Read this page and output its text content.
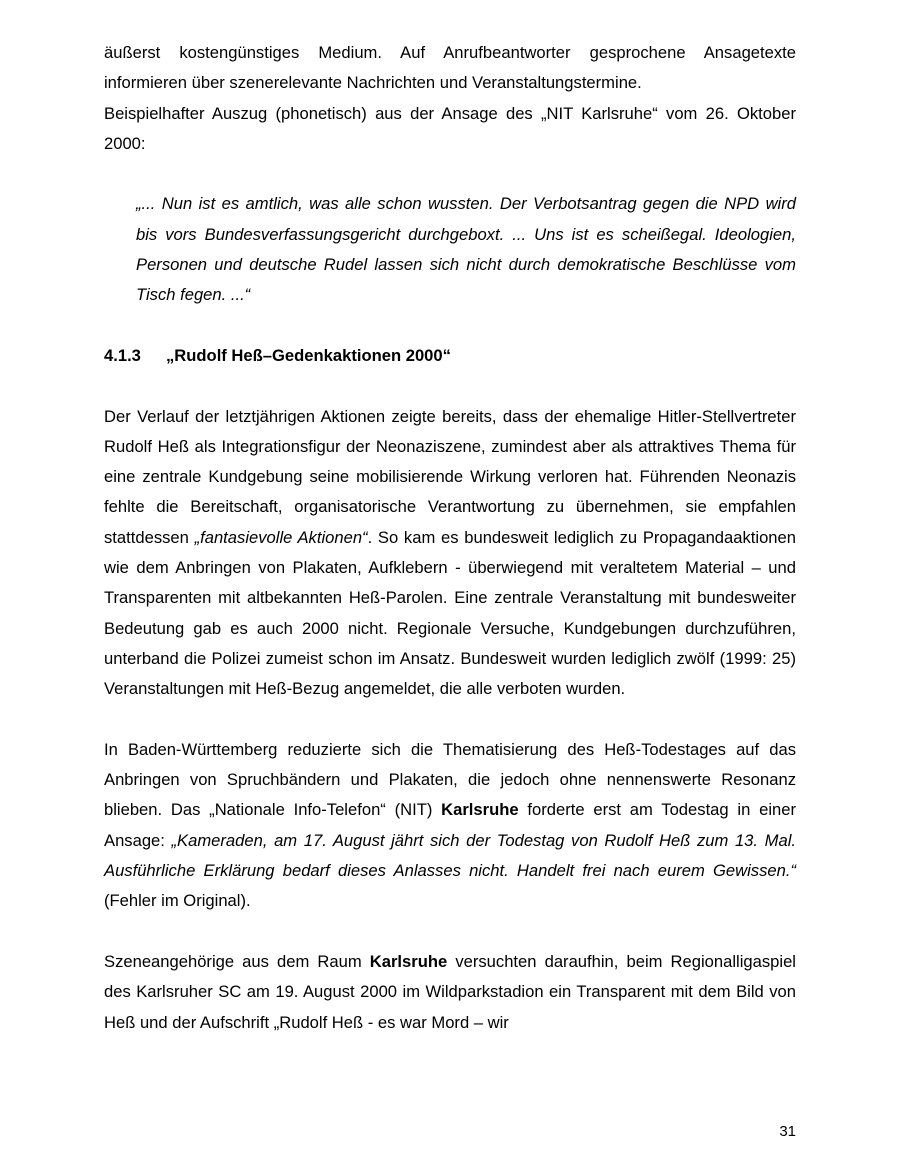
äußerst kostengünstiges Medium. Auf Anrufbeantworter gesprochene Ansagetexte informieren über szenerelevante Nachrichten und Veranstaltungstermine.

Beispielhafter Auszug (phonetisch) aus der Ansage des „NIT Karlsruhe“ vom 26. Oktober 2000:

„... Nun ist es amtlich, was alle schon wussten. Der Verbotsantrag gegen die NPD wird bis vors Bundesverfassungsgericht durchgeboxt. ... Uns ist es scheißegal. Ideologien, Personen und deutsche Rudel lassen sich nicht durch demokratische Beschlüsse vom Tisch fegen. ...“

4.1.3 „Rudolf Heß–Gedenkaktionen 2000“

Der Verlauf der letztjährigen Aktionen zeigte bereits, dass der ehemalige Hitler-Stellvertreter Rudolf Heß als Integrationsfigur der Neonaziszene, zumindest aber als attraktives Thema für eine zentrale Kundgebung seine mobilisierende Wirkung verloren hat. Führenden Neonazis fehlte die Bereitschaft, organisatorische Verantwortung zu übernehmen, sie empfahlen stattdessen „fantasievolle Aktionen“. So kam es bundesweit lediglich zu Propagandaaktionen wie dem Anbringen von Plakaten, Aufklebern - überwiegend mit veraltetem Material – und Transparenten mit altbekannten Heß-Parolen. Eine zentrale Veranstaltung mit bundesweiter Bedeutung gab es auch 2000 nicht. Regionale Versuche, Kundgebungen durchzuführen, unterband die Polizei zumeist schon im Ansatz. Bundesweit wurden lediglich zwölf (1999: 25) Veranstaltungen mit Heß-Bezug angemeldet, die alle verboten wurden.

In Baden-Württemberg reduzierte sich die Thematisierung des Heß-Todestages auf das Anbringen von Spruchbändern und Plakaten, die jedoch ohne nennenswerte Resonanz blieben. Das „Nationale Info-Telefon“ (NIT) Karlsruhe forderte erst am Todestag in einer Ansage: „Kameraden, am 17. August jährt sich der Todestag von Rudolf Heß zum 13. Mal. Ausführliche Erklärung bedarf dieses Anlasses nicht. Handelt frei nach eurem Gewissen.“ (Fehler im Original).

Szeneangehörige aus dem Raum Karlsruhe versuchten daraufhin, beim Regionalligaspiel des Karlsruher SC am 19. August 2000 im Wildparkstadion ein Transparent mit dem Bild von Heß und der Aufschrift „Rudolf Heß - es war Mord – wir

31
